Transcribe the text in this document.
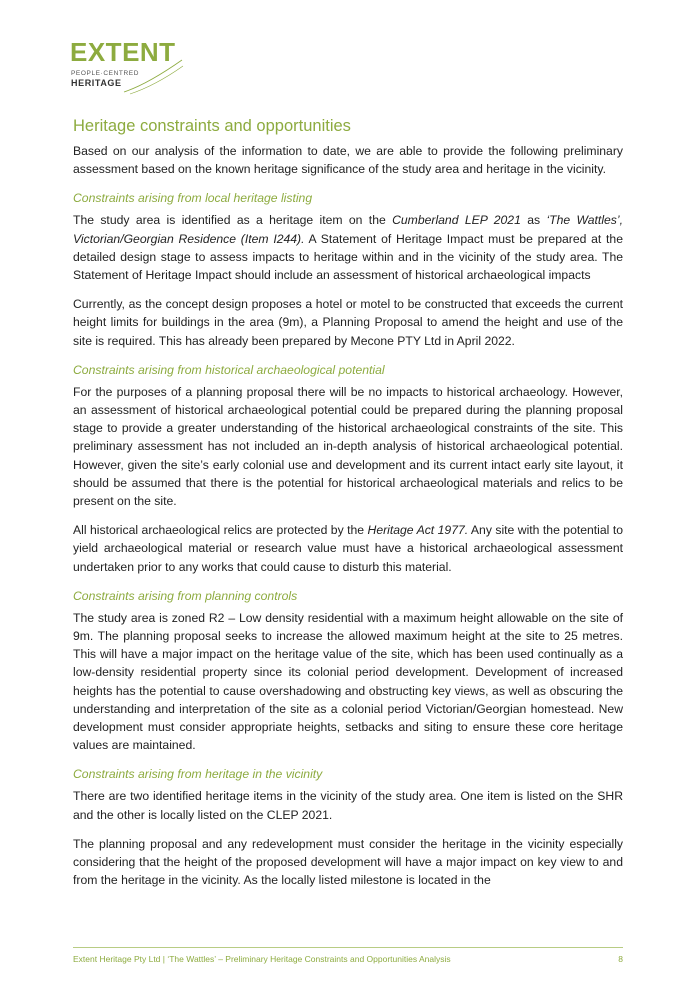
EXTENT
PEOPLE·CENTRED
HERITAGE
Heritage constraints and opportunities

Based on our analysis of the information to date, we are able to provide the following preliminary assessment based on the known heritage significance of the study area and heritage in the vicinity.

Constraints arising from local heritage listing

The study area is identified as a heritage item on the Cumberland LEP 2021 as ‘The Wattles’, Victorian/Georgian Residence (Item I244). A Statement of Heritage Impact must be prepared at the detailed design stage to assess impacts to heritage within and in the vicinity of the study area. The Statement of Heritage Impact should include an assessment of historical archaeological impacts

Currently, as the concept design proposes a hotel or motel to be constructed that exceeds the current height limits for buildings in the area (9m), a Planning Proposal to amend the height and use of the site is required. This has already been prepared by Mecone PTY Ltd in April 2022.

Constraints arising from historical archaeological potential

For the purposes of a planning proposal there will be no impacts to historical archaeology. However, an assessment of historical archaeological potential could be prepared during the planning proposal stage to provide a greater understanding of the historical archaeological constraints of the site. This preliminary assessment has not included an in-depth analysis of historical archaeological potential. However, given the site’s early colonial use and development and its current intact early site layout, it should be assumed that there is the potential for historical archaeological materials and relics to be present on the site.

All historical archaeological relics are protected by the Heritage Act 1977. Any site with the potential to yield archaeological material or research value must have a historical archaeological assessment undertaken prior to any works that could cause to disturb this material.

Constraints arising from planning controls

The study area is zoned R2 – Low density residential with a maximum height allowable on the site of 9m. The planning proposal seeks to increase the allowed maximum height at the site to 25 metres. This will have a major impact on the heritage value of the site, which has been used continually as a low-density residential property since its colonial period development. Development of increased heights has the potential to cause overshadowing and obstructing key views, as well as obscuring the understanding and interpretation of the site as a colonial period Victorian/Georgian homestead. New development must consider appropriate heights, setbacks and siting to ensure these core heritage values are maintained.

Constraints arising from heritage in the vicinity

There are two identified heritage items in the vicinity of the study area. One item is listed on the SHR and the other is locally listed on the CLEP 2021.

The planning proposal and any redevelopment must consider the heritage in the vicinity especially considering that the height of the proposed development will have a major impact on key view to and from the heritage in the vicinity. As the locally listed milestone is located in the

Extent Heritage Pty Ltd | ‘The Wattles’ – Preliminary Heritage Constraints and Opportunities Analysis	8
